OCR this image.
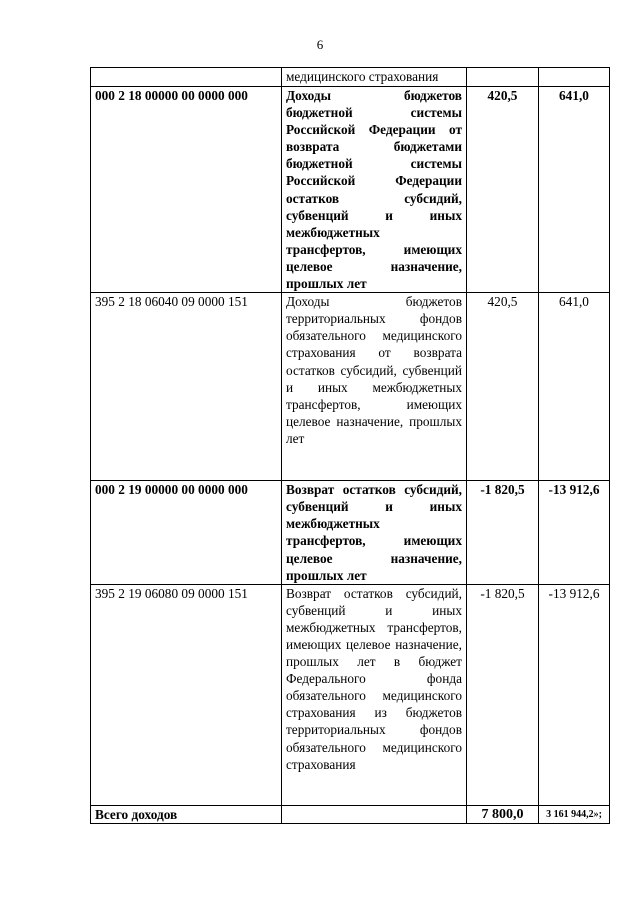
6
	медицинского страхования		
000 2 18 00000 00 0000 000	Доходы бюджетов бюджетной системы Российской Федерации от возврата бюджетами бюджетной системы Российской Федерации остатков субсидий, субвенций и иных межбюджетных трансфертов, имеющих целевое назначение, прошлых лет	420,5	641,0
395 2 18 06040 09 0000 151	Доходы бюджетов территориальных фондов обязательного медицинского страхования от возврата остатков субсидий, субвенций и иных межбюджетных трансфертов, имеющих целевое назначение, прошлых лет	420,5	641,0
000 2 19 00000 00 0000 000	Возврат остатков субсидий, субвенций и иных межбюджетных трансфертов, имеющих целевое назначение, прошлых лет	-1 820,5	-13 912,6
395 2 19 06080 09 0000 151	Возврат остатков субсидий, субвенций и иных межбюджетных трансфертов, имеющих целевое назначение, прошлых лет в бюджет Федерального фонда обязательного медицинского страхования из бюджетов территориальных фондов обязательного медицинского страхования	-1 820,5	-13 912,6
Всего доходов		7 800,0	3 161 944,2»;
